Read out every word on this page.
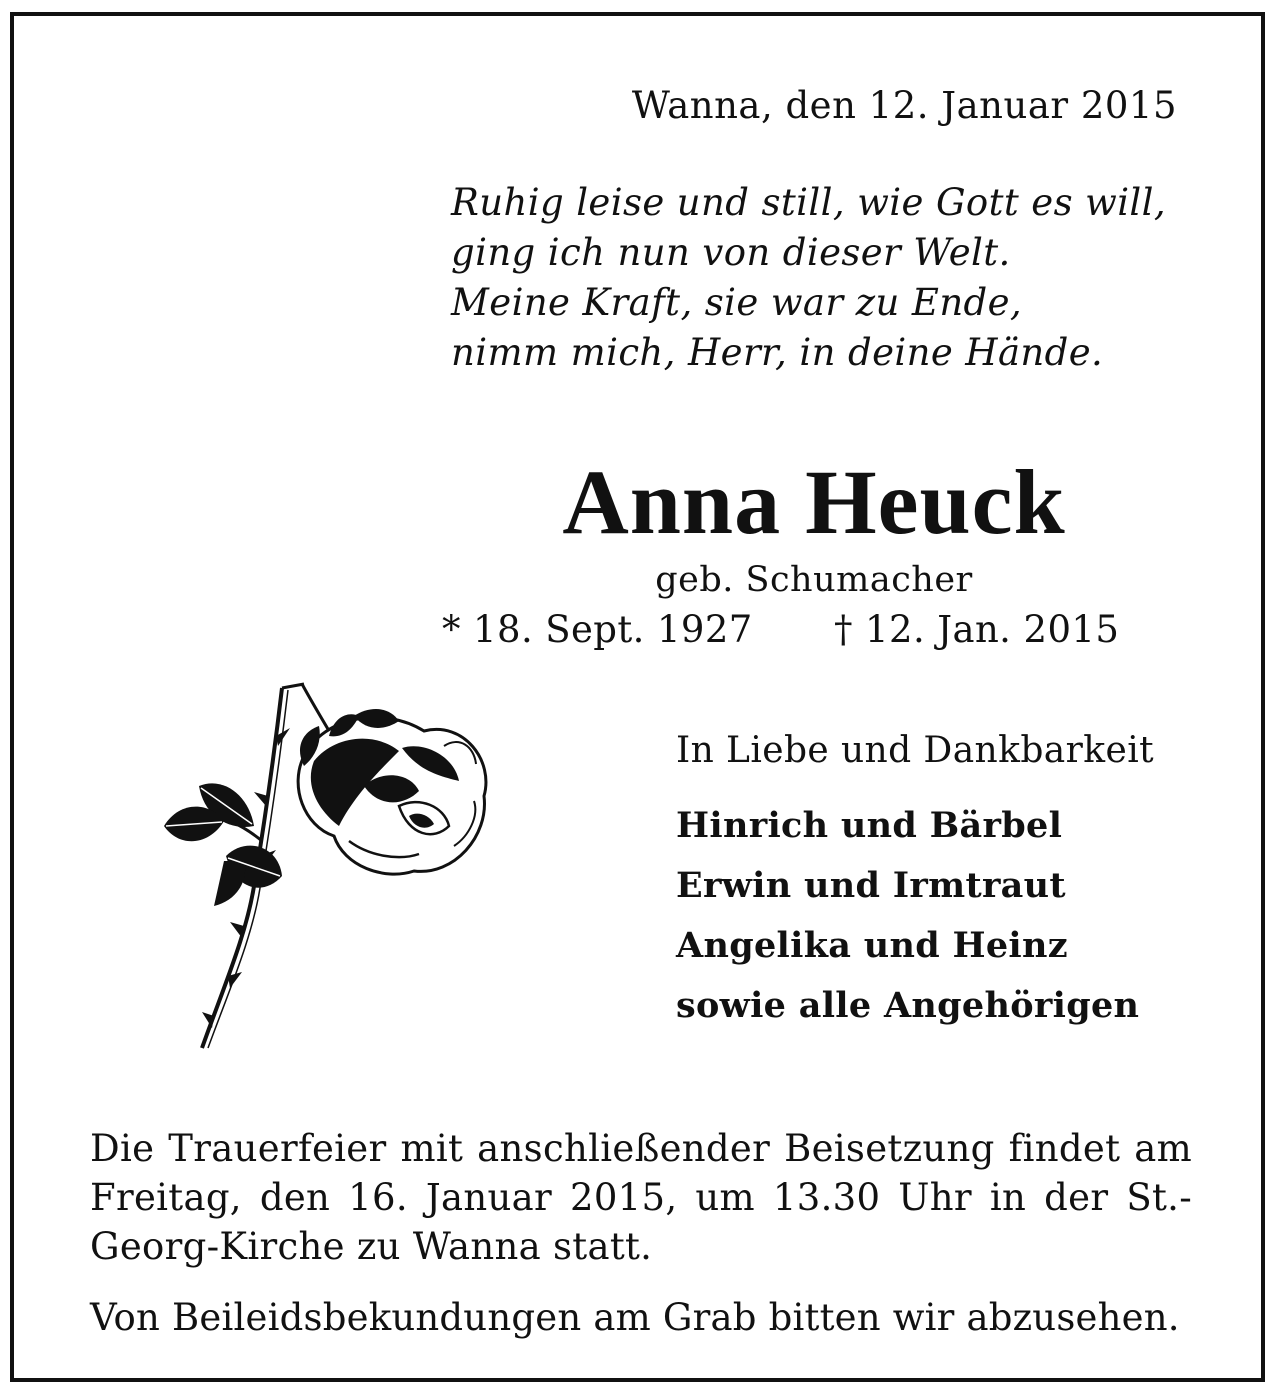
Wanna, den 12. Januar 2015
Ruhig leise und still, wie Gott es will,
ging ich nun von dieser Welt.
Meine Kraft, sie war zu Ende,
nimm mich, Herr, in deine Hände.
Anna Heuck
geb. Schumacher
* 18. Sept. 1927 † 12. Jan. 2015
In Liebe und Dankbarkeit
Hinrich und Bärbel
Erwin und Irmtraut
Angelika und Heinz
sowie alle Angehörigen
Die Trauerfeier mit anschließender Beisetzung findet am Freitag, den 16. Januar 2015, um 13.30 Uhr in der St.-Georg-Kirche zu Wanna statt.
Von Beileidsbekundungen am Grab bitten wir abzusehen.
